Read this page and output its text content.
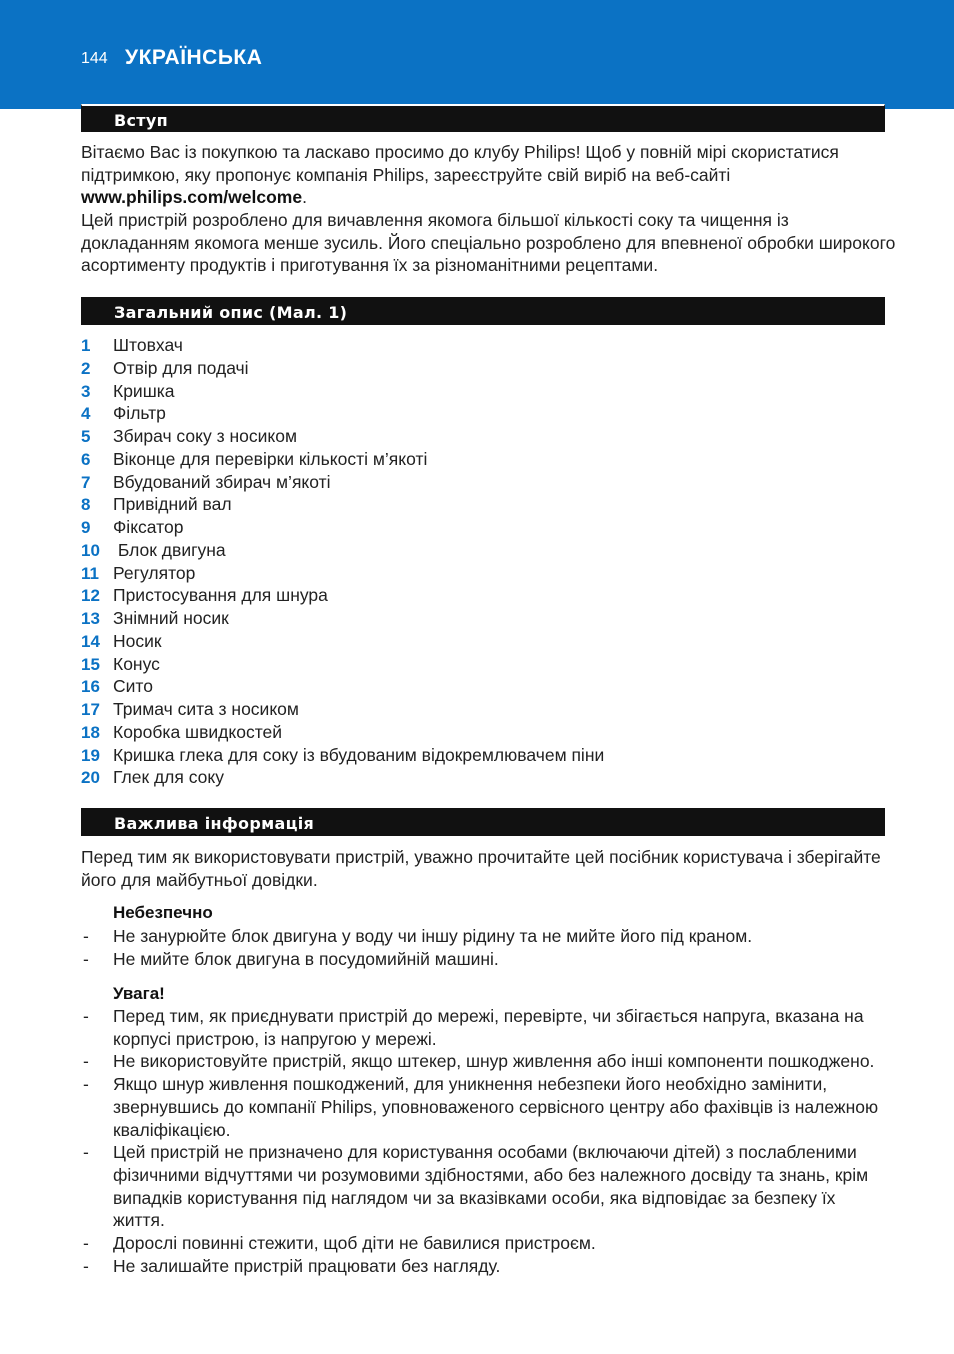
144 УКРАЇНСЬКА
Вступ
Вітаємо Вас із покупкою та ласкаво просимо до клубу Philips! Щоб у повній мірі скористатися підтримкою, яку пропонує компанія Philips, зареєструйте свій виріб на веб-сайті www.philips.com/welcome.
Цей пристрій розроблено для вичавлення якомога більшої кількості соку та чищення із докладанням якомога менше зусиль. Його спеціально розроблено для впевненої обробки широкого асортименту продуктів і приготування їх за різноманітними рецептами.
Загальний опис (Мал. 1)
1 Штовхач
2 Отвір для подачі
3 Кришка
4 Фільтр
5 Збирач соку з носиком
6 Віконце для перевірки кількості м’якоті
7 Вбудований збирач м’якоті
8 Привідний вал
9 Фіксатор
10 Блок двигуна
11 Регулятор
12 Пристосування для шнура
13 Знімний носик
14 Носик
15 Конус
16 Сито
17 Тримач сита з носиком
18 Коробка швидкостей
19 Кришка глека для соку із вбудованим відокремлювачем піни
20 Глек для соку
Важлива інформація
Перед тим як використовувати пристрій, уважно прочитайте цей посібник користувача і зберігайте його для майбутньої довідки.
Небезпечно
- Не занурюйте блок двигуна у воду чи іншу рідину та не мийте його під краном.
- Не мийте блок двигуна в посудомийній машині.
Увага!
- Перед тим, як приєднувати пристрій до мережі, перевірте, чи збігається напруга, вказана на корпусі пристрою, із напругою у мережі.
- Не використовуйте пристрій, якщо штекер, шнур живлення або інші компоненти пошкоджено.
- Якщо шнур живлення пошкоджений, для уникнення небезпеки його необхідно замінити, звернувшись до компанії Philips, уповноваженого сервісного центру або фахівців із належною кваліфікацією.
- Цей пристрій не призначено для користування особами (включаючи дітей) з послабленими фізичними відчуттями чи розумовими здібностями, або без належного досвіду та знань, крім випадків користування під наглядом чи за вказівками особи, яка відповідає за безпеку їх життя.
- Дорослі повинні стежити, щоб діти не бавилися пристроєм.
- Не залишайте пристрій працювати без нагляду.
